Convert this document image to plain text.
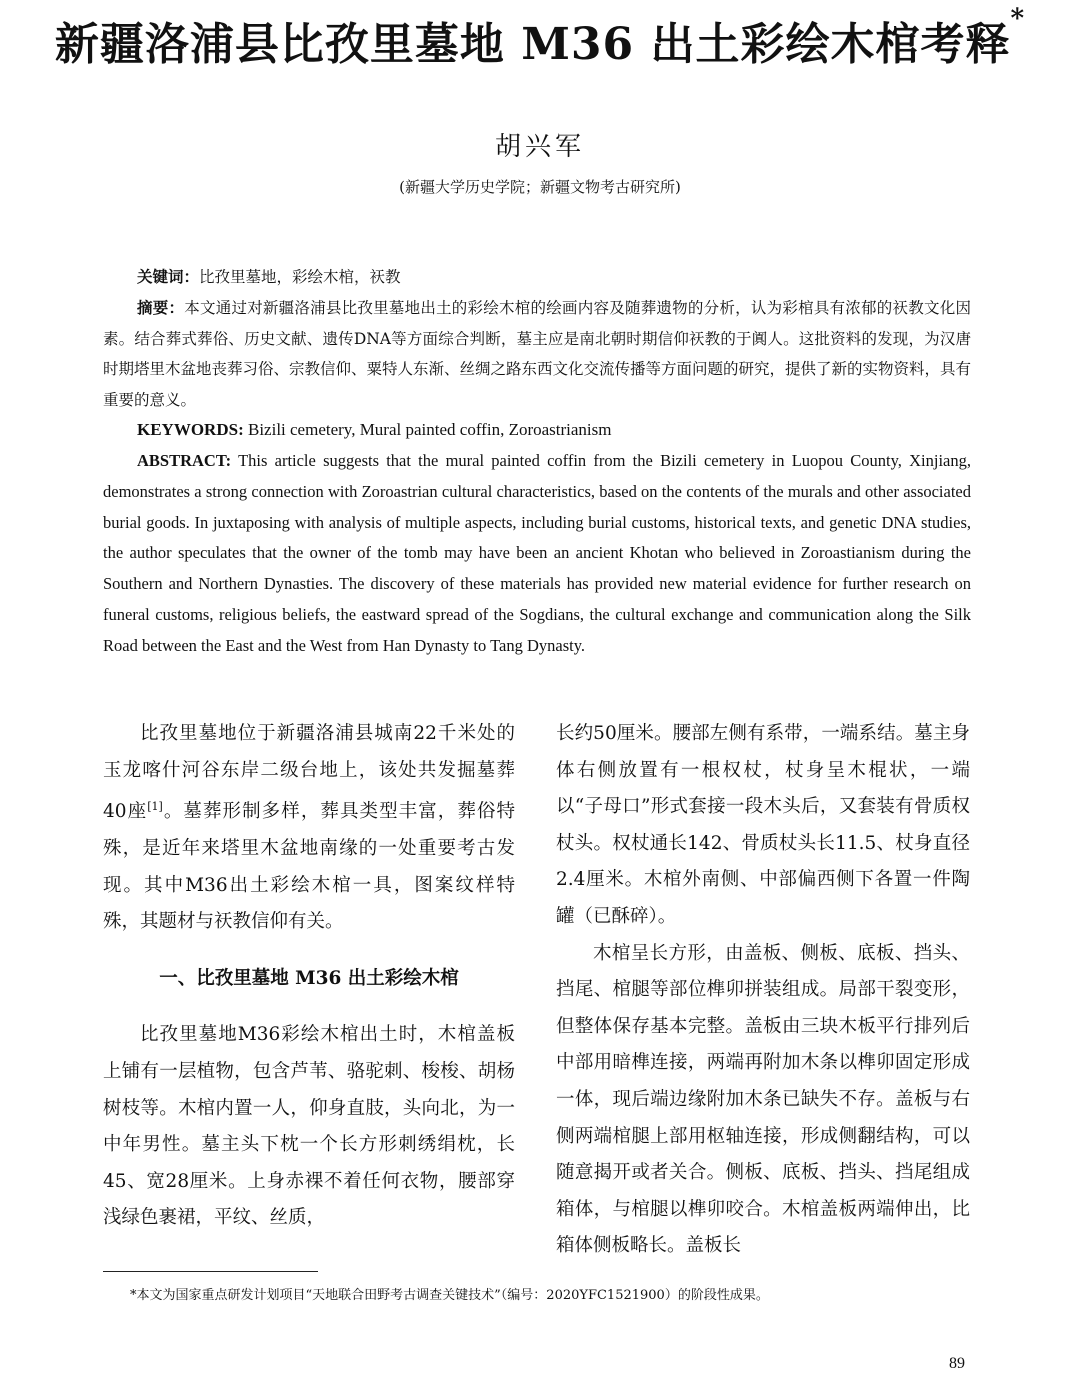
新疆洛浦县比孜里墓地 M36 出土彩绘木棺考释*
胡兴军
(新疆大学历史学院；新疆文物考古研究所)
关键词：比孜里墓地，彩绘木棺，祆教
摘要：本文通过对新疆洛浦县比孜里墓地出土的彩绘木棺的绘画内容及随葬遗物的分析，认为彩棺具有浓郁的祆教文化因素。结合葬式葬俗、历史文献、遗传DNA等方面综合判断，墓主应是南北朝时期信仰祆教的于阗人。这批资料的发现，为汉唐时期塔里木盆地丧葬习俗、宗教信仰、粟特人东渐、丝绸之路东西文化交流传播等方面问题的研究，提供了新的实物资料，具有重要的意义。
KEYWORDS: Bizili cemetery, Mural painted coffin, Zoroastrianism
ABSTRACT: This article suggests that the mural painted coffin from the Bizili cemetery in Luopou County, Xinjiang, demonstrates a strong connection with Zoroastrian cultural characteristics, based on the contents of the murals and other associated burial goods. In juxtaposing with analysis of multiple aspects, including burial customs, historical texts, and genetic DNA studies, the author speculates that the owner of the tomb may have been an ancient Khotan who believed in Zoroastianism during the Southern and Northern Dynasties. The discovery of these materials has provided new material evidence for further research on funeral customs, religious beliefs, the eastward spread of the Sogdians, the cultural exchange and communication along the Silk Road between the East and the West from Han Dynasty to Tang Dynasty.

比孜里墓地位于新疆洛浦县城南22千米处的玉龙喀什河谷东岸二级台地上，该处共发掘墓葬40座[1]。墓葬形制多样，葬具类型丰富，葬俗特殊，是近年来塔里木盆地南缘的一处重要考古发现。其中M36出土彩绘木棺一具，图案纹样特殊，其题材与祆教信仰有关。

一、比孜里墓地 M36 出土彩绘木棺

比孜里墓地M36彩绘木棺出土时，木棺盖板上铺有一层植物，包含芦苇、骆驼刺、梭梭、胡杨树枝等。木棺内置一人，仰身直肢，头向北，为一中年男性。墓主头下枕一个长方形刺绣绢枕，长45、宽28厘米。上身赤裸不着任何衣物，腰部穿浅绿色裹裙，平纹、丝质，

长约50厘米。腰部左侧有系带，一端系结。墓主身体右侧放置有一根权杖，杖身呈木棍状，一端以“子母口”形式套接一段木头后，又套装有骨质权杖头。权杖通长142、骨质杖头长11.5、杖身直径2.4厘米。木棺外南侧、中部偏西侧下各置一件陶罐（已酥碎）。

木棺呈长方形，由盖板、侧板、底板、挡头、挡尾、棺腿等部位榫卯拼装组成。局部干裂变形，但整体保存基本完整。盖板由三块木板平行排列后中部用暗榫连接，两端再附加木条以榫卯固定形成一体，现后端边缘附加木条已缺失不存。盖板与右侧两端棺腿上部用枢轴连接，形成侧翻结构，可以随意揭开或者关合。侧板、底板、挡头、挡尾组成箱体，与棺腿以榫卯咬合。木棺盖板两端伸出，比箱体侧板略长。盖板长

*本文为国家重点研发计划项目“天地联合田野考古调查关键技术”（编号：2020YFC1521900）的阶段性成果。
89
